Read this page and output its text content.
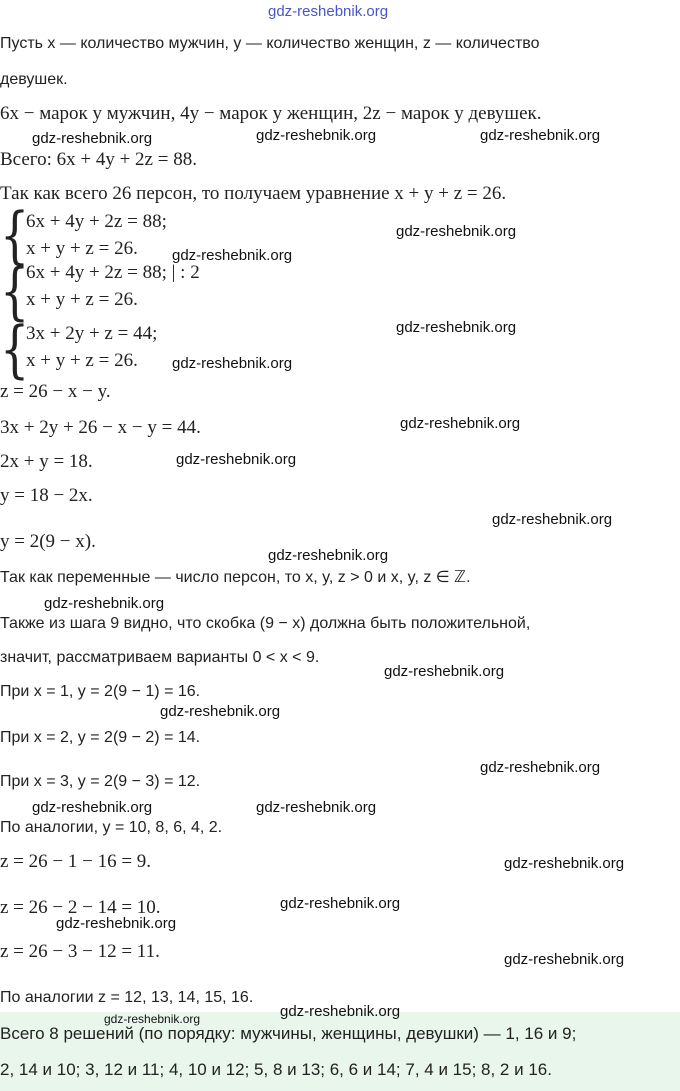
gdz-reshebnik.org
gdz-reshebnik.org	gdz-reshebnik.org	gdz-reshebnik.org
gdz-reshebnik.org
gdz-reshebnik.org
gdz-reshebnik.org
gdz-reshebnik.org
gdz-reshebnik.org
gdz-reshebnik.org
gdz-reshebnik.org
gdz-reshebnik.org
gdz-reshebnik.org
gdz-reshebnik.org
gdz-reshebnik.org
gdz-reshebnik.org
gdz-reshebnik.org	gdz-reshebnik.org
gdz-reshebnik.org
gdz-reshebnik.org
gdz-reshebnik.org
gdz-reshebnik.org
gdz-reshebnik.org	gdz-reshebnik.org
Пусть x — количество мужчин, y — количество женщин, z — количество
девушек.
6x − марок у мужчин, 4y − марок у женщин, 2z − марок у девушек.
Всего: 6x + 4y + 2z = 88.
Так как всего 26 персон, то получаем уравнение x + y + z = 26.
{
6x + 4y + 2z = 88;
x + y + z = 26.
{
6x + 4y + 2z = 88; | : 2
x + y + z = 26.
{
3x + 2y + z = 44;
x + y + z = 26.
z = 26 − x − y.
3x + 2y + 26 − x − y = 44.
2x + y = 18.
y = 18 − 2x.
y = 2(9 − x).
Так как переменные — число персон, то x, y, z > 0 и x, y, z ∈ ℤ.
Также из шага 9 видно, что скобка (9 − x) должна быть положительной,
значит, рассматриваем варианты 0 < x < 9.
При x = 1, y = 2(9 − 1) = 16.
При x = 2, y = 2(9 − 2) = 14.
При x = 3, y = 2(9 − 3) = 12.
По аналогии, y = 10, 8, 6, 4, 2.
z = 26 − 1 − 16 = 9.
z = 26 − 2 − 14 = 10.
z = 26 − 3 − 12 = 11.
По аналогии z = 12, 13, 14, 15, 16.
Всего 8 решений (по порядку: мужчины, женщины, девушки) — 1, 16 и 9;
2, 14 и 10; 3, 12 и 11; 4, 10 и 12; 5, 8 и 13; 6, 6 и 14; 7, 4 и 15; 8, 2 и 16.
